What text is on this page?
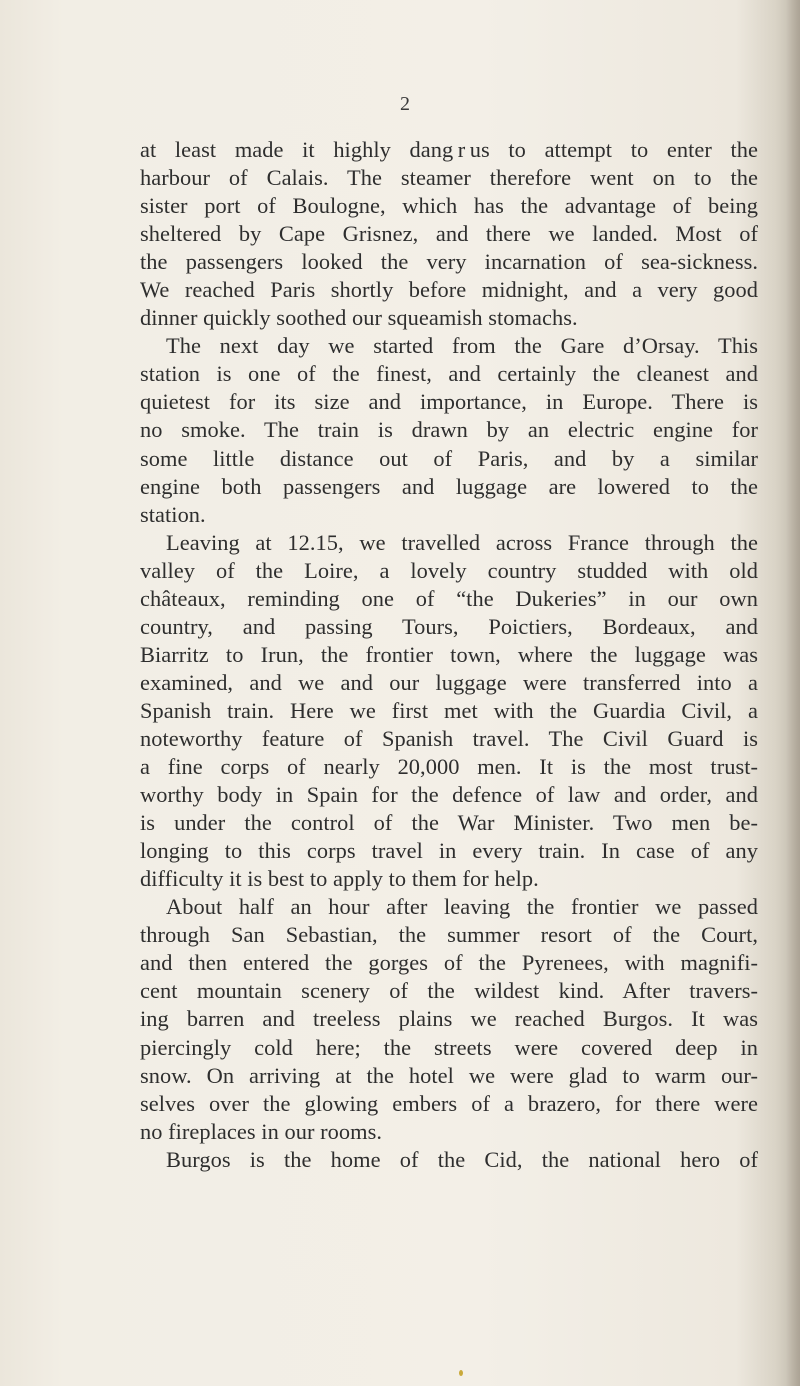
2
at least made it highly dang r us to attempt to enter the
harbour of Calais. The steamer therefore went on to the
sister port of Boulogne, which has the advantage of being
sheltered by Cape Grisnez, and there we landed. Most of
the passengers looked the very incarnation of sea-sickness.
We reached Paris shortly before midnight, and a very good
dinner quickly soothed our squeamish stomachs.
The next day we started from the Gare d’Orsay. This
station is one of the finest, and certainly the cleanest and
quietest for its size and importance, in Europe. There is
no smoke. The train is drawn by an electric engine for
some little distance out of Paris, and by a similar
engine both passengers and luggage are lowered to the
station.
Leaving at 12.15, we travelled across France through the
valley of the Loire, a lovely country studded with old
châteaux, reminding one of “the Dukeries” in our own
country, and passing Tours, Poictiers, Bordeaux, and
Biarritz to Irun, the frontier town, where the luggage was
examined, and we and our luggage were transferred into a
Spanish train. Here we first met with the Guardia Civil, a
noteworthy feature of Spanish travel. The Civil Guard is
a fine corps of nearly 20,000 men. It is the most trust-
worthy body in Spain for the defence of law and order, and
is under the control of the War Minister. Two men be-
longing to this corps travel in every train. In case of any
difficulty it is best to apply to them for help.
About half an hour after leaving the frontier we passed
through San Sebastian, the summer resort of the Court,
and then entered the gorges of the Pyrenees, with magnifi-
cent mountain scenery of the wildest kind. After travers-
ing barren and treeless plains we reached Burgos. It was
piercingly cold here; the streets were covered deep in
snow. On arriving at the hotel we were glad to warm our-
selves over the glowing embers of a brazero, for there were
no fireplaces in our rooms.
Burgos is the home of the Cid, the national hero of
